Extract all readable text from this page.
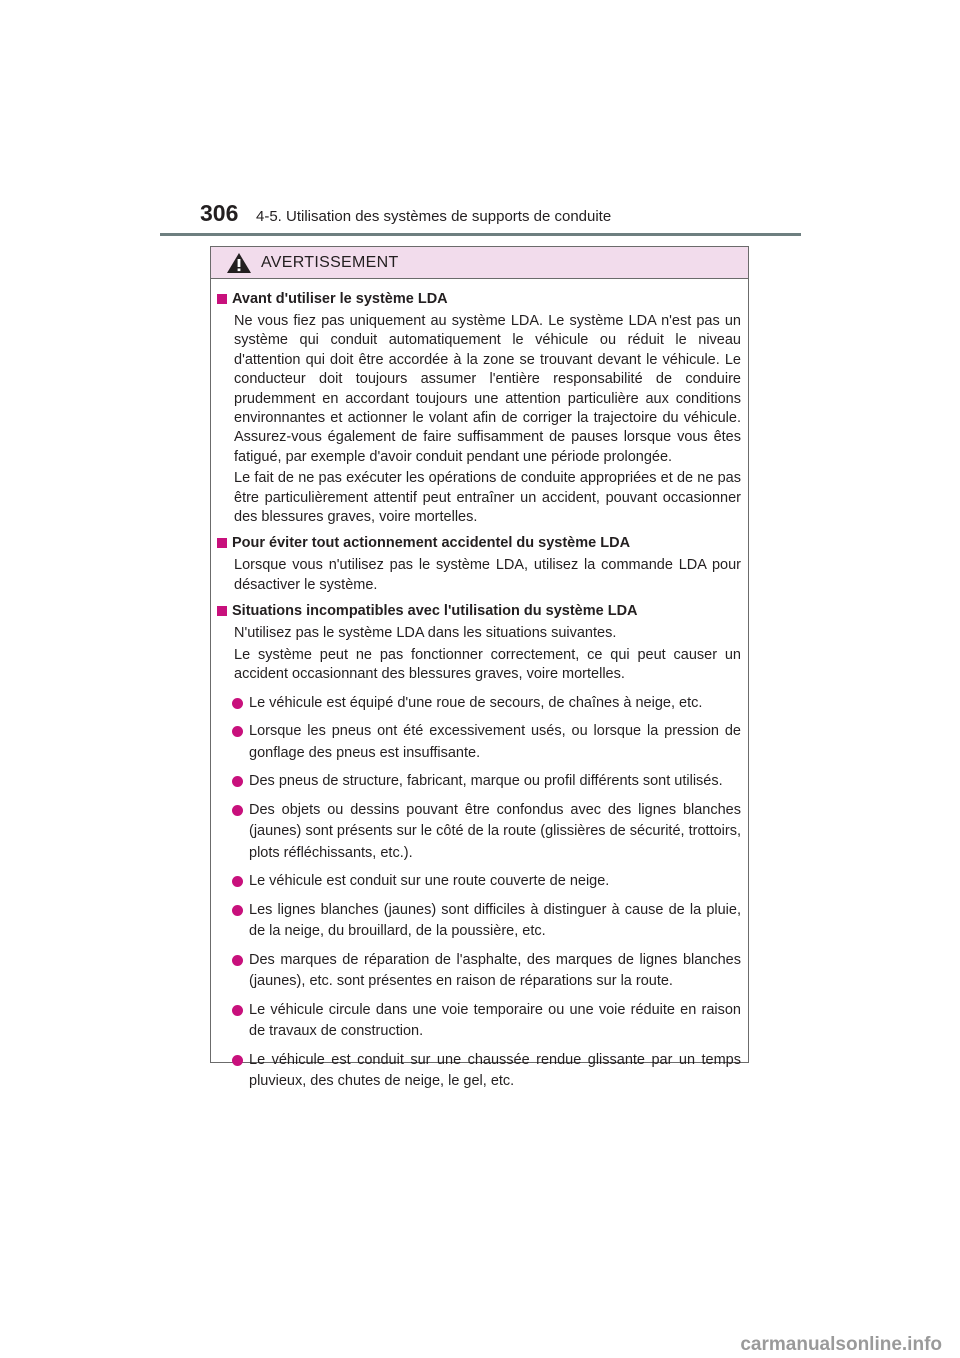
306 4-5. Utilisation des systèmes de supports de conduite
AVERTISSEMENT
Avant d'utiliser le système LDA

Ne vous fiez pas uniquement au système LDA. Le système LDA n'est pas un système qui conduit automatiquement le véhicule ou réduit le niveau d'attention qui doit être accordée à la zone se trouvant devant le véhicule. Le conducteur doit toujours assumer l'entière responsabilité de conduire prudemment en accordant toujours une attention particulière aux conditions environnantes et actionner le volant afin de corriger la trajectoire du véhicule. Assurez-vous également de faire suffisamment de pauses lorsque vous êtes fatigué, par exemple d'avoir conduit pendant une période prolongée.

Le fait de ne pas exécuter les opérations de conduite appropriées et de ne pas être particulièrement attentif peut entraîner un accident, pouvant occasionner des blessures graves, voire mortelles.

Pour éviter tout actionnement accidentel du système LDA

Lorsque vous n'utilisez pas le système LDA, utilisez la commande LDA pour désactiver le système.

Situations incompatibles avec l'utilisation du système LDA

N'utilisez pas le système LDA dans les situations suivantes.

Le système peut ne pas fonctionner correctement, ce qui peut causer un accident occasionnant des blessures graves, voire mortelles.

Le véhicule est équipé d'une roue de secours, de chaînes à neige, etc.
Lorsque les pneus ont été excessivement usés, ou lorsque la pression de gonflage des pneus est insuffisante.
Des pneus de structure, fabricant, marque ou profil différents sont utilisés.
Des objets ou dessins pouvant être confondus avec des lignes blanches (jaunes) sont présents sur le côté de la route (glissières de sécurité, trottoirs, plots réfléchissants, etc.).
Le véhicule est conduit sur une route couverte de neige.
Les lignes blanches (jaunes) sont difficiles à distinguer à cause de la pluie, de la neige, du brouillard, de la poussière, etc.
Des marques de réparation de l'asphalte, des marques de lignes blanches (jaunes), etc. sont présentes en raison de réparations sur la route.
Le véhicule circule dans une voie temporaire ou une voie réduite en raison de travaux de construction.
Le véhicule est conduit sur une chaussée rendue glissante par un temps pluvieux, des chutes de neige, le gel, etc.
carmanualsonline.info
